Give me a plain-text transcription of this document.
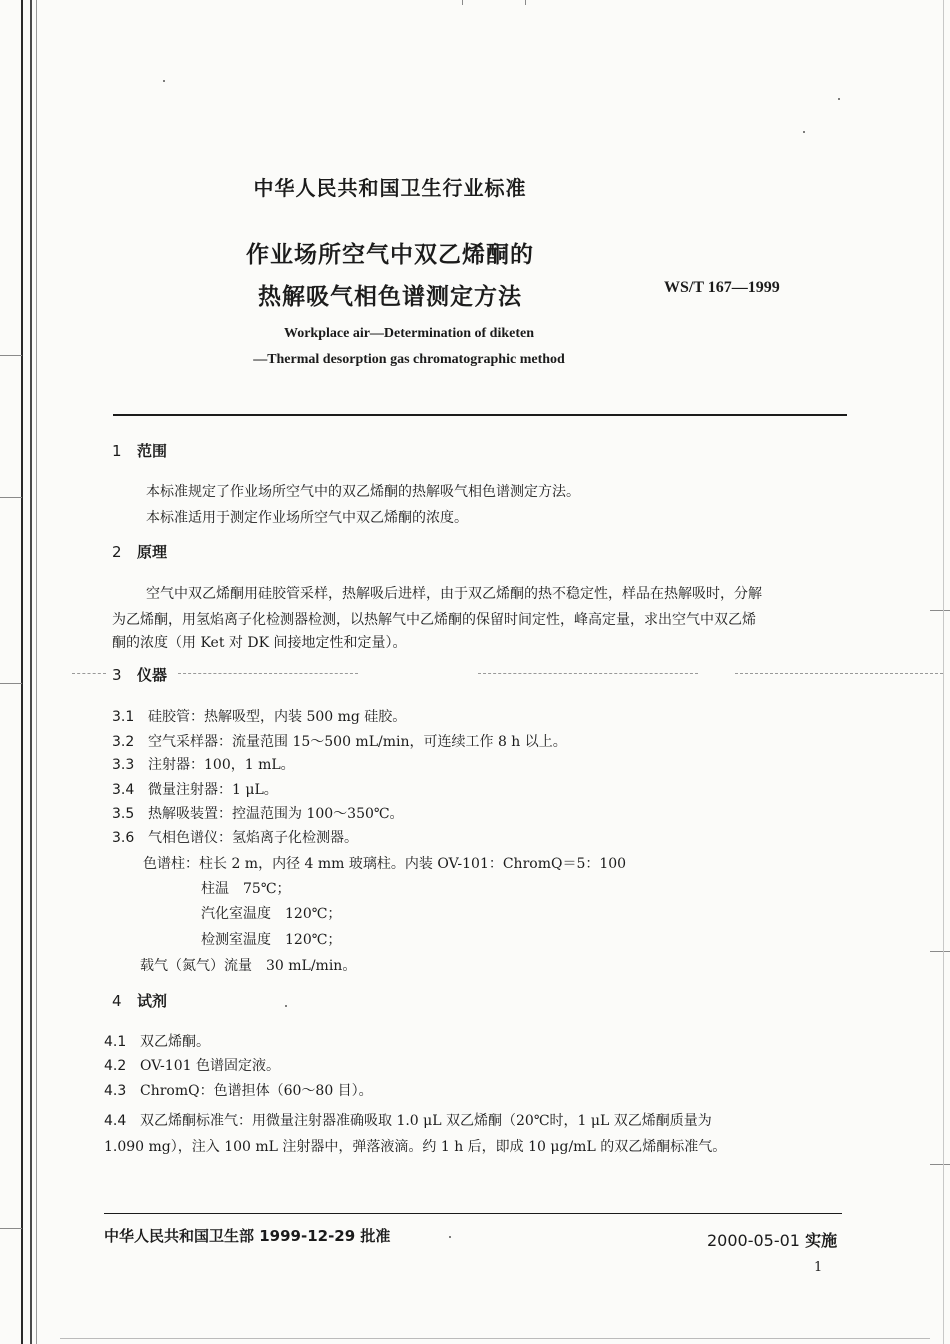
中华人民共和国卫生行业标准
作业场所空气中双乙烯酮的
热解吸气相色谱测定方法	WS/T 167—1999
Workplace air—Determination of diketen
—Thermal desorption gas chromatographic method
1 范围
本标准规定了作业场所空气中的双乙烯酮的热解吸气相色谱测定方法。
本标准适用于测定作业场所空气中双乙烯酮的浓度。
2 原理
空气中双乙烯酮用硅胶管采样，热解吸后进样，由于双乙烯酮的热不稳定性，样品在热解吸时，分解
为乙烯酮，用氢焰离子化检测器检测，以热解气中乙烯酮的保留时间定性，峰高定量，求出空气中双乙烯
酮的浓度（用 Ket 对 DK 间接地定性和定量）。
3 仪器
3.1 硅胶管：热解吸型，内装 500 mg 硅胶。
3.2 空气采样器：流量范围 15～500 mL/min，可连续工作 8 h 以上。
3.3 注射器：100，1 mL。
3.4 微量注射器：1 μL。
3.5 热解吸装置：控温范围为 100～350℃。
3.6 气相色谱仪：氢焰离子化检测器。
色谱柱：柱长 2 m，内径 4 mm 玻璃柱。内装 OV-101：ChromQ＝5：100
柱温　75℃；
汽化室温度　120℃；
检测室温度　120℃；
载气（氮气）流量　30 mL/min。
4 试剂
4.1 双乙烯酮。
4.2 OV-101 色谱固定液。
4.3 ChromQ：色谱担体（60～80 目）。
4.4 双乙烯酮标准气：用微量注射器准确吸取 1.0 μL 双乙烯酮（20℃时，1 μL 双乙烯酮质量为
1.090 mg），注入 100 mL 注射器中，弹落液滴。约 1 h 后，即成 10 μg/mL 的双乙烯酮标准气。
中华人民共和国卫生部 1999-12-29 批准	2000-05-01 实施
1
